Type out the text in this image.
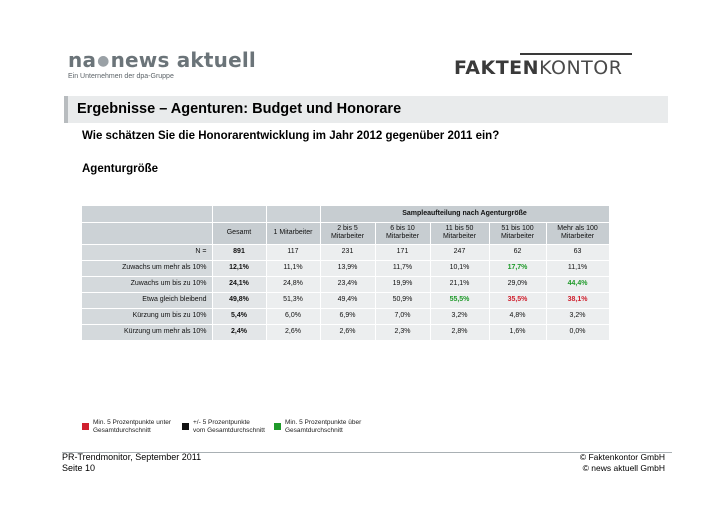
na●news aktuell
Ein Unternehmen der dpa-Gruppe	FAKTENKONTOR
Ergebnisse – Agenturen: Budget und Honorare
Wie schätzen Sie die Honorarentwicklung im Jahr 2012 gegenüber 2011 ein?
Agenturgröße
			Sampleaufteilung nach Agenturgröße				
	Gesamt	1 Mitarbeiter	2 bis 5 Mitarbeiter	6 bis 10 Mitarbeiter	11 bis 50 Mitarbeiter	51 bis 100 Mitarbeiter	Mehr als 100 Mitarbeiter
N =	891	117	231	171	247	62	63
Zuwachs um mehr als 10%	12,1%	11,1%	13,9%	11,7%	10,1%	17,7%	11,1%
Zuwachs um bis zu 10%	24,1%	24,8%	23,4%	19,9%	21,1%	29,0%	44,4%
Etwa gleich bleibend	49,8%	51,3%	49,4%	50,9%	55,5%	35,5%	38,1%
Kürzung um bis zu 10%	5,4%	6,0%	6,9%	7,0%	3,2%	4,8%	3,2%
Kürzung um mehr als 10%	2,4%	2,6%	2,6%	2,3%	2,8%	1,6%	0,0%
Min. 5 Prozentpunkte unter
Gesamtdurchschnitt
+/- 5 Prozentpunkte
vom Gesamtdurchschnitt
Min. 5 Prozentpunkte über
Gesamtdurchschnitt
PR-Trendmonitor, September 2011
Seite 10
© Faktenkontor GmbH
© news aktuell GmbH
